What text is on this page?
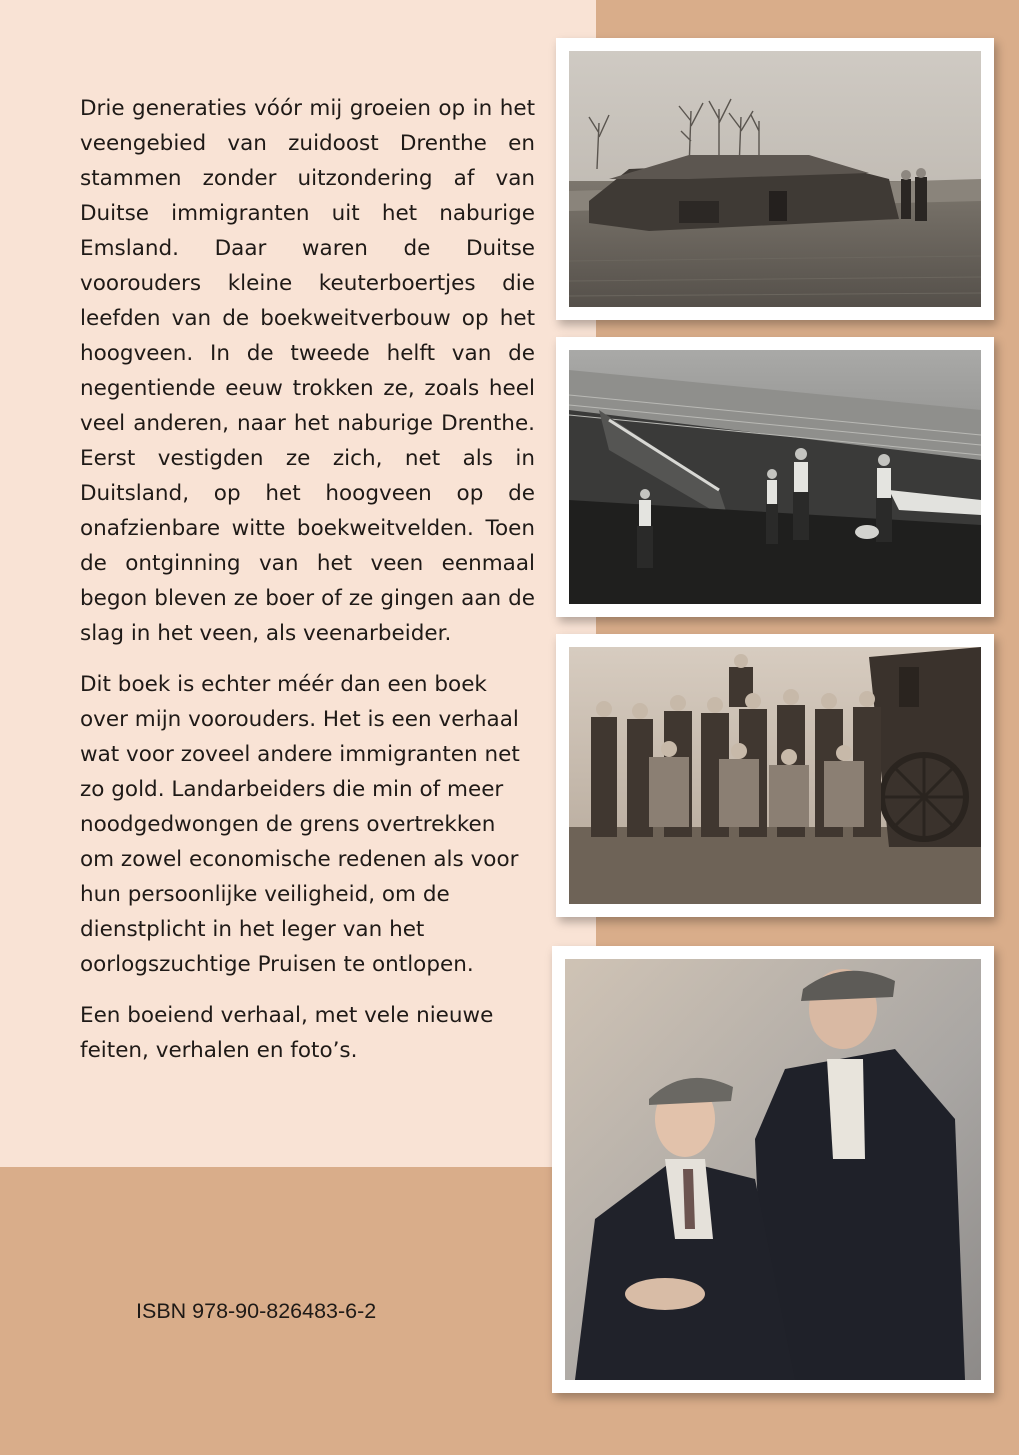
Drie generaties vóór mij groeien op in het veengebied van zuidoost Drenthe en stammen zonder uitzondering af van Duitse immigranten uit het naburige Emsland. Daar waren de Duitse voorouders kleine keuterboertjes die leefden van de boekweitverbouw op het hoogveen. In de tweede helft van de negentiende eeuw trokken ze, zoals heel veel anderen, naar het naburige Drenthe. Eerst vestigden ze zich, net als in Duitsland, op het hoogveen op de onafzienbare witte boekweitvelden. Toen de ontginning van het veen eenmaal begon bleven ze boer of ze gingen aan de slag in het veen, als veenarbeider.

Dit boek is echter méér dan een boek over mijn voorouders. Het is een verhaal wat voor zoveel andere immigranten net zo gold. Landarbeiders die min of meer noodgedwongen de grens overtrekken om zowel economische redenen als voor hun persoonlijke veiligheid, om de dienstplicht in het leger van het oorlogszuchtige Pruisen te ontlopen.

Een boeiend verhaal, met vele nieuwe feiten, verhalen en foto’s.

ISBN 978-90-826483-6-2
